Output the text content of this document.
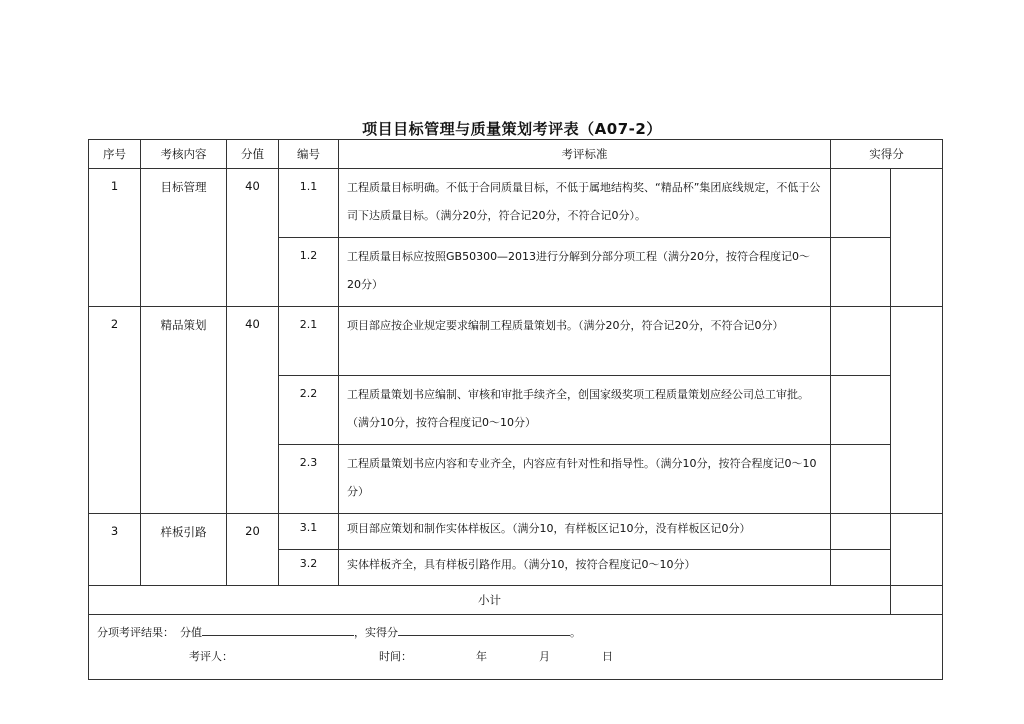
项目目标管理与质量策划考评表（A07-2）
序号	考核内容	分值	编号	考评标准	实得分	
1	目标管理	40	1.1	工程质量目标明确。不低于合同质量目标，不低于属地结构奖、“精品杯”集团底线规定，不低于公司下达质量目标。（满分20分，符合记20分，不符合记0分）。		
			1.2	工程质量目标应按照GB50300—2013进行分解到分部分项工程（满分20分，按符合程度记0～20分）		
2	精品策划	40	2.1	项目部应按企业规定要求编制工程质量策划书。（满分20分，符合记20分，不符合记0分）		
			2.2	工程质量策划书应编制、审核和审批手续齐全，创国家级奖项工程质量策划应经公司总工审批。（满分10分，按符合程度记0～10分）		
			2.3	工程质量策划书应内容和专业齐全，内容应有针对性和指导性。（满分10分，按符合程度记0～10分）		
3	样板引路	20	3.1	项目部应策划和制作实体样板区。（满分10，有样板区记10分，没有样板区记0分）		
			3.2	实体样板齐全，具有样板引路作用。（满分10，按符合程度记0～10分）		
小计						

分项考评结果： 分值 ，实得分 。
考评人： 时间： 年 月 日						
